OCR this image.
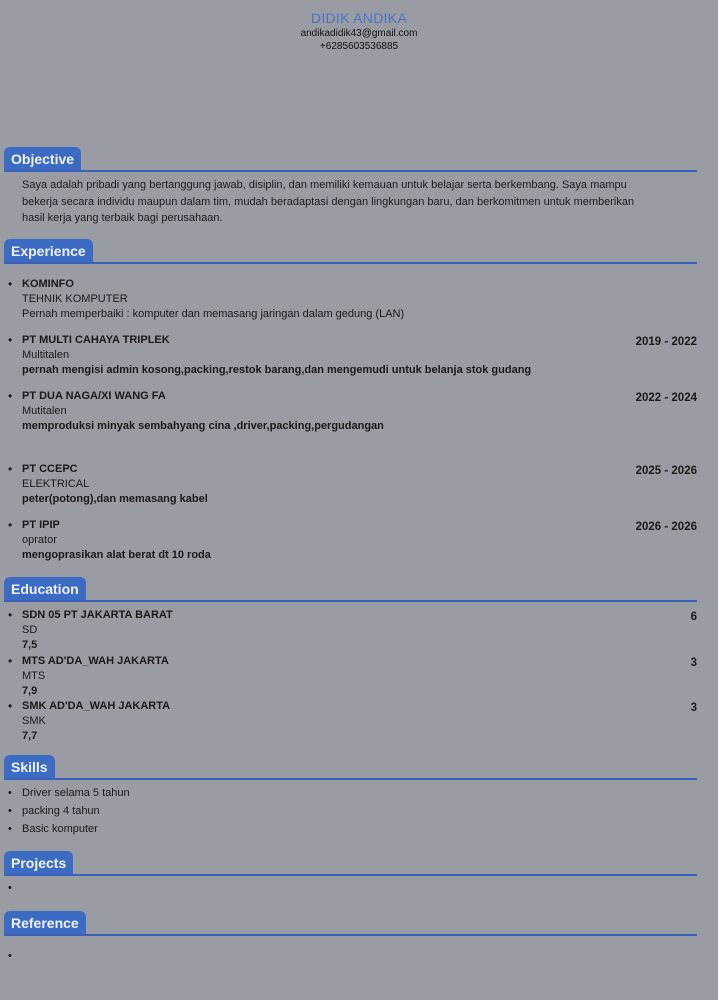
DIDIK ANDIKA
andikadidik43@gmail.com
+6285603536885
Objective
Saya adalah pribadi yang bertanggung jawab, disiplin, dan memiliki kemauan untuk belajar serta berkembang. Saya mampu
bekerja secara individu maupun dalam tim, mudah beradaptasi dengan lingkungan baru, dan berkomitmen untuk memberikan
hasil kerja yang terbaik bagi perusahaan.
Experience
• KOMINFO
TEHNIK KOMPUTER
Pernah memperbaiki : komputer dan memasang jaringan dalam gedung (LAN)
• PT MULTI CAHAYA TRIPLEK
Multitalen
pernah mengisi admin kosong,packing,restok barang,dan mengemudi untuk belanja stok gudang
2019 - 2022
• PT DUA NAGA/XI WANG FA
Mutitalen
memproduksi minyak sembahyang cina ,driver,packing,pergudangan
2022 - 2024
• PT CCEPC
ELEKTRICAL
peter(potong),dan memasang kabel
2025 - 2026
• PT IPIP
oprator
mengoprasikan alat berat dt 10 roda
2026 - 2026
Education
• SDN 05 PT JAKARTA BARAT
SD
7,5
6
• MTS AD'DA_WAH JAKARTA
MTS
7,9
3
• SMK AD'DA_WAH JAKARTA
SMK
7,7
3
Skills
• Driver selama 5 tahun
• packing 4 tahun
• Basic komputer
Projects
•
Reference
•
